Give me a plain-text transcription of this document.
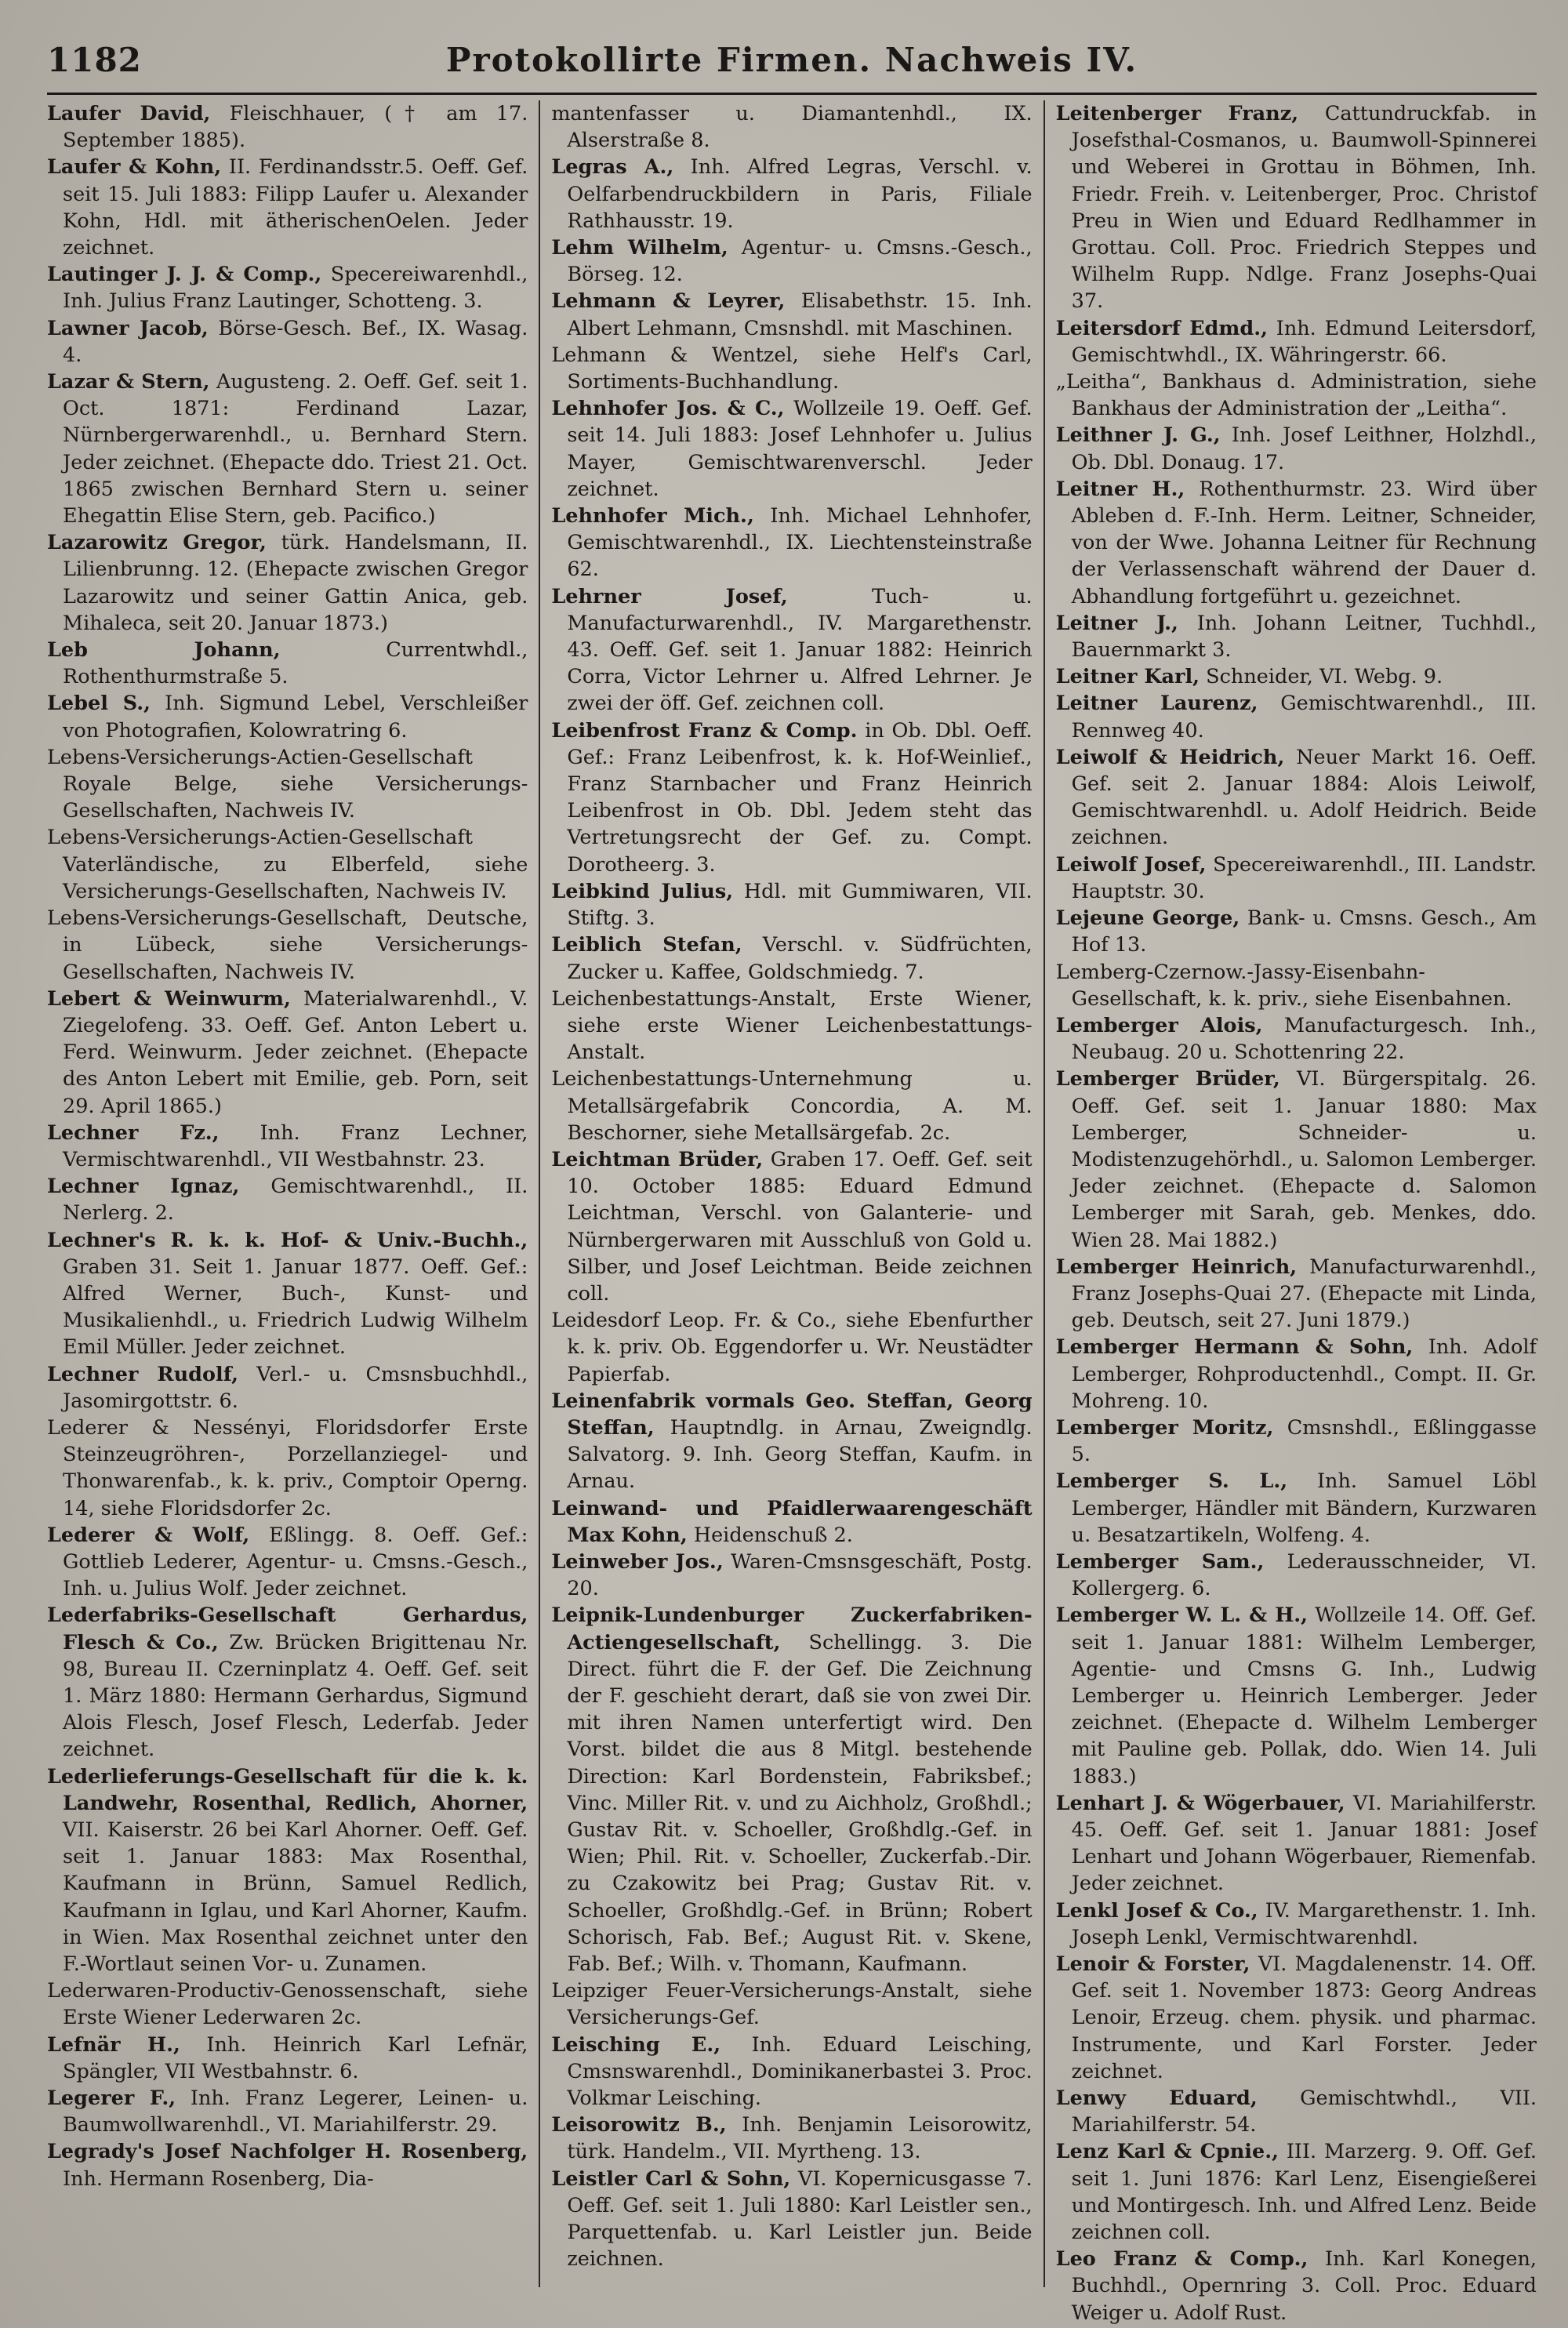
1182	Protokollirte Firmen. Nachweis IV.

Laufer David, Fleischhauer, († am 17. September 1885).

Laufer & Kohn, II. Ferdinandsstr.5. Oeff. Gef. seit 15. Juli 1883: Filipp Laufer u. Alexander Kohn, Hdl. mit ätherischenOelen. Jeder zeichnet.

Lautinger J. J. & Comp., Specereiwarenhdl., Inh. Julius Franz Lautinger, Schotteng. 3.

Lawner Jacob, Börse-Gesch. Bef., IX. Wasag. 4.

Lazar & Stern, Augusteng. 2. Oeff. Gef. seit 1. Oct. 1871: Ferdinand Lazar, Nürnbergerwarenhdl., u. Bernhard Stern. Jeder zeichnet. (Ehepacte ddo. Triest 21. Oct. 1865 zwischen Bernhard Stern u. seiner Ehegattin Elise Stern, geb. Pacifico.)

Lazarowitz Gregor, türk. Handelsmann, II. Lilienbrunng. 12. (Ehepacte zwischen Gregor Lazarowitz und seiner Gattin Anica, geb. Mihaleca, seit 20. Januar 1873.)

Leb Johann, Currentwhdl., Rothenthurmstraße 5.

Lebel S., Inh. Sigmund Lebel, Verschleißer von Photografien, Kolowratring 6.

Lebens-Versicherungs-Actien-Gesellschaft Royale Belge, siehe Versicherungs-Gesellschaften, Nachweis IV.

Lebens-Versicherungs-Actien-Gesellschaft Vaterländische, zu Elberfeld, siehe Versicherungs-Gesellschaften, Nachweis IV.

Lebens-Versicherungs-Gesellschaft, Deutsche, in Lübeck, siehe Versicherungs-Gesellschaften, Nachweis IV.

Lebert & Weinwurm, Materialwarenhdl., V. Ziegelofeng. 33. Oeff. Gef. Anton Lebert u. Ferd. Weinwurm. Jeder zeichnet. (Ehepacte des Anton Lebert mit Emilie, geb. Porn, seit 29. April 1865.)

Lechner Fz., Inh. Franz Lechner, Vermischtwarenhdl., VII Westbahnstr. 23.

Lechner Ignaz, Gemischtwarenhdl., II. Nerlerg. 2.

Lechner's R. k. k. Hof- & Univ.-Buchh., Graben 31. Seit 1. Januar 1877. Oeff. Gef.: Alfred Werner, Buch-, Kunst- und Musikalienhdl., u. Friedrich Ludwig Wilhelm Emil Müller. Jeder zeichnet.

Lechner Rudolf, Verl.- u. Cmsnsbuchhdl., Jasomirgottstr. 6.

Lederer & Nessényi, Floridsdorfer Erste Steinzeugröhren-, Porzellanziegel- und Thonwarenfab., k. k. priv., Comptoir Operng. 14, siehe Floridsdorfer 2c.

Lederer & Wolf, Eßlingg. 8. Oeff. Gef.: Gottlieb Lederer, Agentur- u. Cmsns.-Gesch., Inh. u. Julius Wolf. Jeder zeichnet.

Lederfabriks-Gesellschaft Gerhardus, Flesch & Co., Zw. Brücken Brigittenau Nr. 98, Bureau II. Czerninplatz 4. Oeff. Gef. seit 1. März 1880: Hermann Gerhardus, Sigmund Alois Flesch, Josef Flesch, Lederfab. Jeder zeichnet.

Lederlieferungs-Gesellschaft für die k. k. Landwehr, Rosenthal, Redlich, Ahorner, VII. Kaiserstr. 26 bei Karl Ahorner. Oeff. Gef. seit 1. Januar 1883: Max Rosenthal, Kaufmann in Brünn, Samuel Redlich, Kaufmann in Iglau, und Karl Ahorner, Kaufm. in Wien. Max Rosenthal zeichnet unter den F.-Wortlaut seinen Vor- u. Zunamen.

Lederwaren-Productiv-Genossenschaft, siehe Erste Wiener Lederwaren 2c.

Lefnär H., Inh. Heinrich Karl Lefnär, Spängler, VII Westbahnstr. 6.

Legerer F., Inh. Franz Legerer, Leinen- u. Baumwollwarenhdl., VI. Mariahilferstr. 29.

Legrady's Josef Nachfolger H. Rosenberg, Inh. Hermann Rosenberg, Dia-

mantenfasser u. Diamantenhdl., IX. Alserstraße 8.

Legras A., Inh. Alfred Legras, Verschl. v. Oelfarbendruckbildern in Paris, Filiale Rathhausstr. 19.

Lehm Wilhelm, Agentur- u. Cmsns.-Gesch., Börseg. 12.

Lehmann & Leyrer, Elisabethstr. 15. Inh. Albert Lehmann, Cmsnshdl. mit Maschinen.

Lehmann & Wentzel, siehe Helf's Carl, Sortiments-Buchhandlung.

Lehnhofer Jos. & C., Wollzeile 19. Oeff. Gef. seit 14. Juli 1883: Josef Lehnhofer u. Julius Mayer, Gemischtwarenverschl. Jeder zeichnet.

Lehnhofer Mich., Inh. Michael Lehnhofer, Gemischtwarenhdl., IX. Liechtensteinstraße 62.

Lehrner Josef, Tuch- u. Manufacturwarenhdl., IV. Margarethenstr. 43. Oeff. Gef. seit 1. Januar 1882: Heinrich Corra, Victor Lehrner u. Alfred Lehrner. Je zwei der öff. Gef. zeichnen coll.

Leibenfrost Franz & Comp. in Ob. Dbl. Oeff. Gef.: Franz Leibenfrost, k. k. Hof-Weinlief., Franz Starnbacher und Franz Heinrich Leibenfrost in Ob. Dbl. Jedem steht das Vertretungsrecht der Gef. zu. Compt. Dorotheerg. 3.

Leibkind Julius, Hdl. mit Gummiwaren, VII. Stiftg. 3.

Leiblich Stefan, Verschl. v. Südfrüchten, Zucker u. Kaffee, Goldschmiedg. 7.

Leichenbestattungs-Anstalt, Erste Wiener, siehe erste Wiener Leichenbestattungs-Anstalt.

Leichenbestattungs-Unternehmung u. Metallsärgefabrik Concordia, A. M. Beschorner, siehe Metallsärgefab. 2c.

Leichtman Brüder, Graben 17. Oeff. Gef. seit 10. October 1885: Eduard Edmund Leichtman, Verschl. von Galanterie- und Nürnbergerwaren mit Ausschluß von Gold u. Silber, und Josef Leichtman. Beide zeichnen coll.

Leidesdorf Leop. Fr. & Co., siehe Ebenfurther k. k. priv. Ob. Eggendorfer u. Wr. Neustädter Papierfab.

Leinenfabrik vormals Geo. Steffan, Georg Steffan, Hauptndlg. in Arnau, Zweigndlg. Salvatorg. 9. Inh. Georg Steffan, Kaufm. in Arnau.

Leinwand- und Pfaidlerwaarengeschäft Max Kohn, Heidenschuß 2.

Leinweber Jos., Waren-Cmsnsgeschäft, Postg. 20.

Leipnik-Lundenburger Zuckerfabriken-Actiengesellschaft, Schellingg. 3. Die Direct. führt die F. der Gef. Die Zeichnung der F. geschieht derart, daß sie von zwei Dir. mit ihren Namen unterfertigt wird. Den Vorst. bildet die aus 8 Mitgl. bestehende Direction: Karl Bordenstein, Fabriksbef.; Vinc. Miller Rit. v. und zu Aichholz, Großhdl.; Gustav Rit. v. Schoeller, Großhdlg.-Gef. in Wien; Phil. Rit. v. Schoeller, Zuckerfab.-Dir. zu Czakowitz bei Prag; Gustav Rit. v. Schoeller, Großhdlg.-Gef. in Brünn; Robert Schorisch, Fab. Bef.; August Rit. v. Skene, Fab. Bef.; Wilh. v. Thomann, Kaufmann.

Leipziger Feuer-Versicherungs-Anstalt, siehe Versicherungs-Gef.

Leisching E., Inh. Eduard Leisching, Cmsnswarenhdl., Dominikanerbastei 3. Proc. Volkmar Leisching.

Leisorowitz B., Inh. Benjamin Leisorowitz, türk. Handelm., VII. Myrtheng. 13.

Leistler Carl & Sohn, VI. Kopernicusgasse 7. Oeff. Gef. seit 1. Juli 1880: Karl Leistler sen., Parquettenfab. u. Karl Leistler jun. Beide zeichnen.

Leitenberger Franz, Cattundruckfab. in Josefsthal-Cosmanos, u. Baumwoll-Spinnerei und Weberei in Grottau in Böhmen, Inh. Friedr. Freih. v. Leitenberger, Proc. Christof Preu in Wien und Eduard Redlhammer in Grottau. Coll. Proc. Friedrich Steppes und Wilhelm Rupp. Ndlge. Franz Josephs-Quai 37.

Leitersdorf Edmd., Inh. Edmund Leitersdorf, Gemischtwhdl., IX. Währingerstr. 66.

„Leitha“, Bankhaus d. Administration, siehe Bankhaus der Administration der „Leitha“.

Leithner J. G., Inh. Josef Leithner, Holzhdl., Ob. Dbl. Donaug. 17.

Leitner H., Rothenthurmstr. 23. Wird über Ableben d. F.-Inh. Herm. Leitner, Schneider, von der Wwe. Johanna Leitner für Rechnung der Verlassenschaft während der Dauer d. Abhandlung fortgeführt u. gezeichnet.

Leitner J., Inh. Johann Leitner, Tuchhdl., Bauernmarkt 3.

Leitner Karl, Schneider, VI. Webg. 9.

Leitner Laurenz, Gemischtwarenhdl., III. Rennweg 40.

Leiwolf & Heidrich, Neuer Markt 16. Oeff. Gef. seit 2. Januar 1884: Alois Leiwolf, Gemischtwarenhdl. u. Adolf Heidrich. Beide zeichnen.

Leiwolf Josef, Specereiwarenhdl., III. Landstr. Hauptstr. 30.

Lejeune George, Bank- u. Cmsns. Gesch., Am Hof 13.

Lemberg-Czernow.-Jassy-Eisenbahn-Gesellschaft, k. k. priv., siehe Eisenbahnen.

Lemberger Alois, Manufacturgesch. Inh., Neubaug. 20 u. Schottenring 22.

Lemberger Brüder, VI. Bürgerspitalg. 26. Oeff. Gef. seit 1. Januar 1880: Max Lemberger, Schneider- u. Modistenzugehörhdl., u. Salomon Lemberger. Jeder zeichnet. (Ehepacte d. Salomon Lemberger mit Sarah, geb. Menkes, ddo. Wien 28. Mai 1882.)

Lemberger Heinrich, Manufacturwarenhdl., Franz Josephs-Quai 27. (Ehepacte mit Linda, geb. Deutsch, seit 27. Juni 1879.)

Lemberger Hermann & Sohn, Inh. Adolf Lemberger, Rohproductenhdl., Compt. II. Gr. Mohreng. 10.

Lemberger Moritz, Cmsnshdl., Eßlinggasse 5.

Lemberger S. L., Inh. Samuel Löbl Lemberger, Händler mit Bändern, Kurzwaren u. Besatzartikeln, Wolfeng. 4.

Lemberger Sam., Lederausschneider, VI. Kollergerg. 6.

Lemberger W. L. & H., Wollzeile 14. Off. Gef. seit 1. Januar 1881: Wilhelm Lemberger, Agentie- und Cmsns G. Inh., Ludwig Lemberger u. Heinrich Lemberger. Jeder zeichnet. (Ehepacte d. Wilhelm Lemberger mit Pauline geb. Pollak, ddo. Wien 14. Juli 1883.)

Lenhart J. & Wögerbauer, VI. Mariahilferstr. 45. Oeff. Gef. seit 1. Januar 1881: Josef Lenhart und Johann Wögerbauer, Riemenfab. Jeder zeichnet.

Lenkl Josef & Co., IV. Margarethenstr. 1. Inh. Joseph Lenkl, Vermischtwarenhdl.

Lenoir & Forster, VI. Magdalenenstr. 14. Off. Gef. seit 1. November 1873: Georg Andreas Lenoir, Erzeug. chem. physik. und pharmac. Instrumente, und Karl Forster. Jeder zeichnet.

Lenwy Eduard, Gemischtwhdl., VII. Mariahilferstr. 54.

Lenz Karl & Cpnie., III. Marzerg. 9. Off. Gef. seit 1. Juni 1876: Karl Lenz, Eisengießerei und Montirgesch. Inh. und Alfred Lenz. Beide zeichnen coll.

Leo Franz & Comp., Inh. Karl Konegen, Buchhdl., Opernring 3. Coll. Proc. Eduard Weiger u. Adolf Rust.
